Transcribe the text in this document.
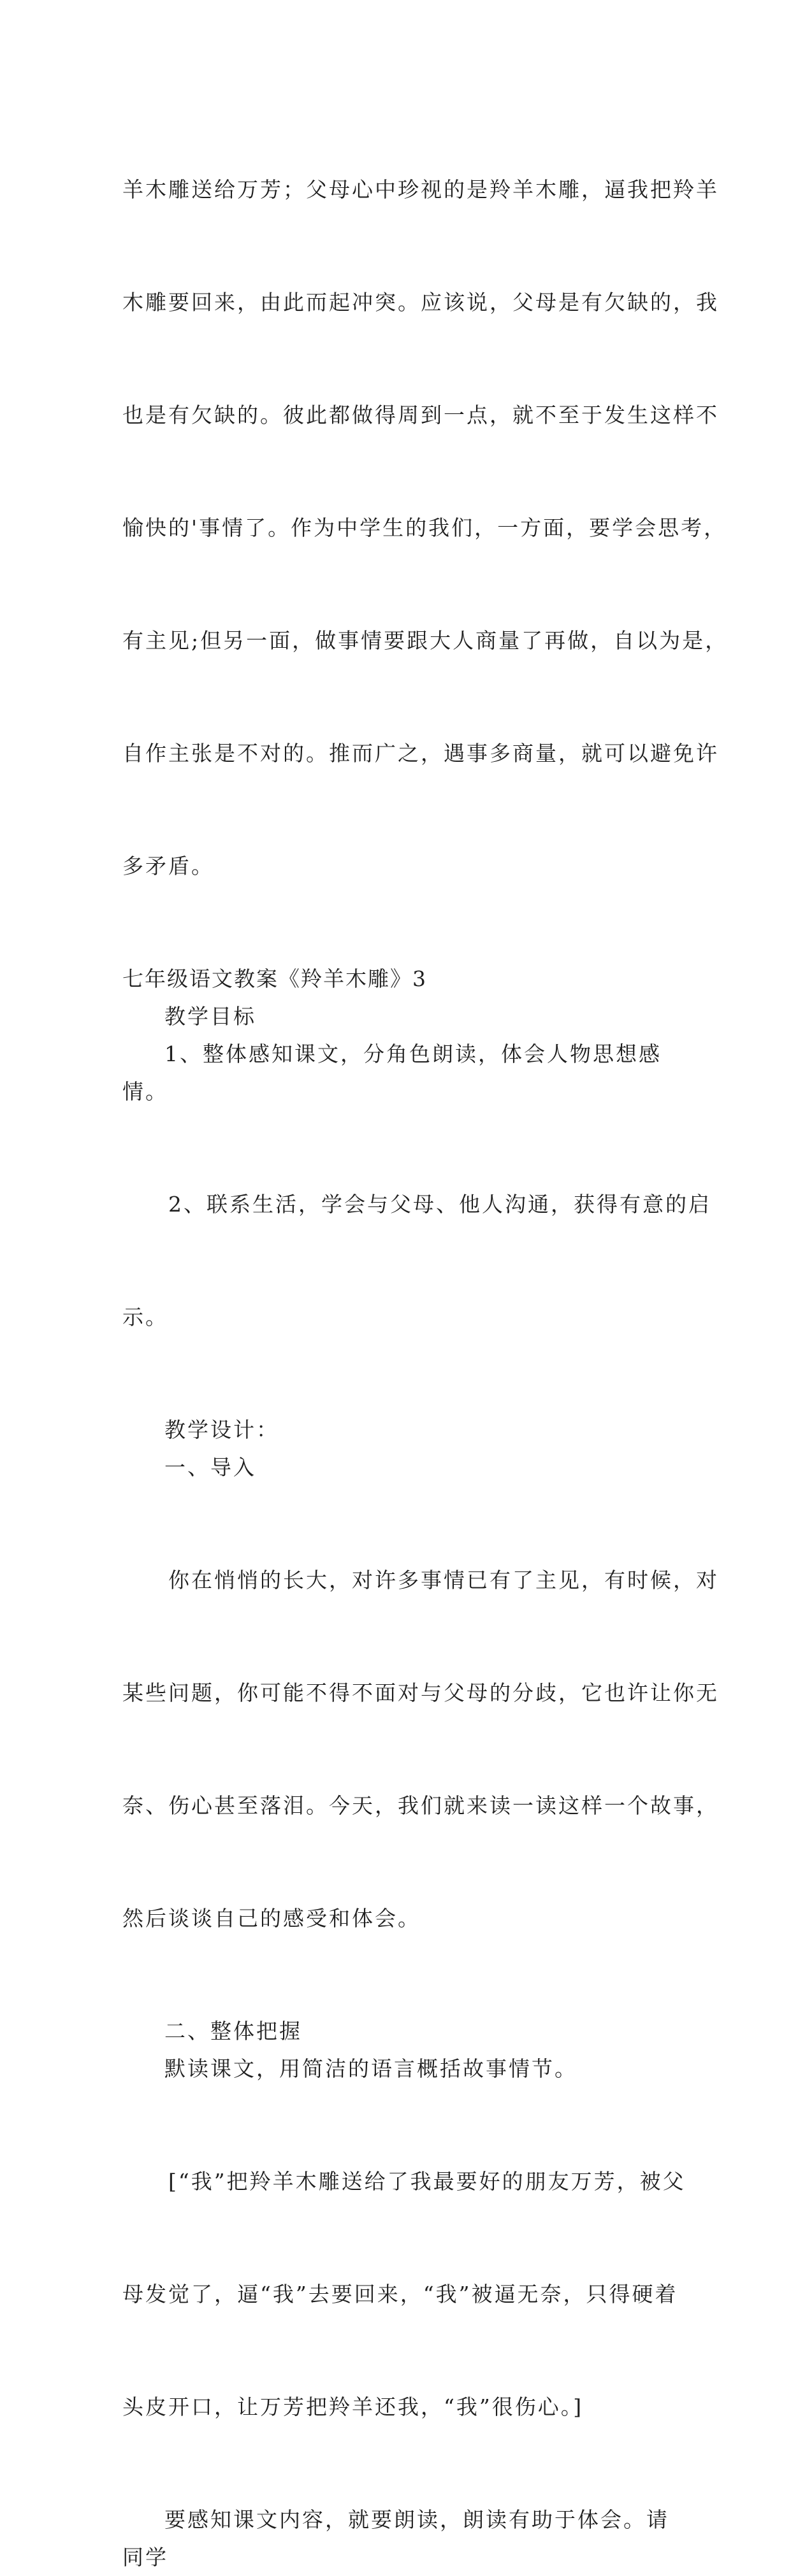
羊木雕送给万芳；父母心中珍视的是羚羊木雕，逼我把羚羊

木雕要回来，由此而起冲突。应该说，父母是有欠缺的，我

也是有欠缺的。彼此都做得周到一点，就不至于发生这样不

愉快的'事情了。作为中学生的我们，一方面，要学会思考，

有主见;但另一面，做事情要跟大人商量了再做，自以为是，

自作主张是不对的。推而广之，遇事多商量，就可以避免许

多矛盾。

七年级语文教案《羚羊木雕》3
教学目标
1、整体感知课文，分角色朗读，体会人物思想感情。

　　2、联系生活，学会与父母、他人沟通，获得有意的启

示。

教学设计：
一、导入

　　你在悄悄的长大，对许多事情已有了主见，有时候，对

某些问题，你可能不得不面对与父母的分歧，它也许让你无

奈、伤心甚至落泪。今天，我们就来读一读这样一个故事，

然后谈谈自己的感受和体会。

二、整体把握
默读课文，用简洁的语言概括故事情节。

　　[“我”把羚羊木雕送给了我最要好的朋友万芳，被父

母发觉了，逼“我”去要回来，“我”被逼无奈，只得硬着

头皮开口，让万芳把羚羊还我，“我”很伤心。]

要感知课文内容，就要朗读，朗读有助于体会。请同学
